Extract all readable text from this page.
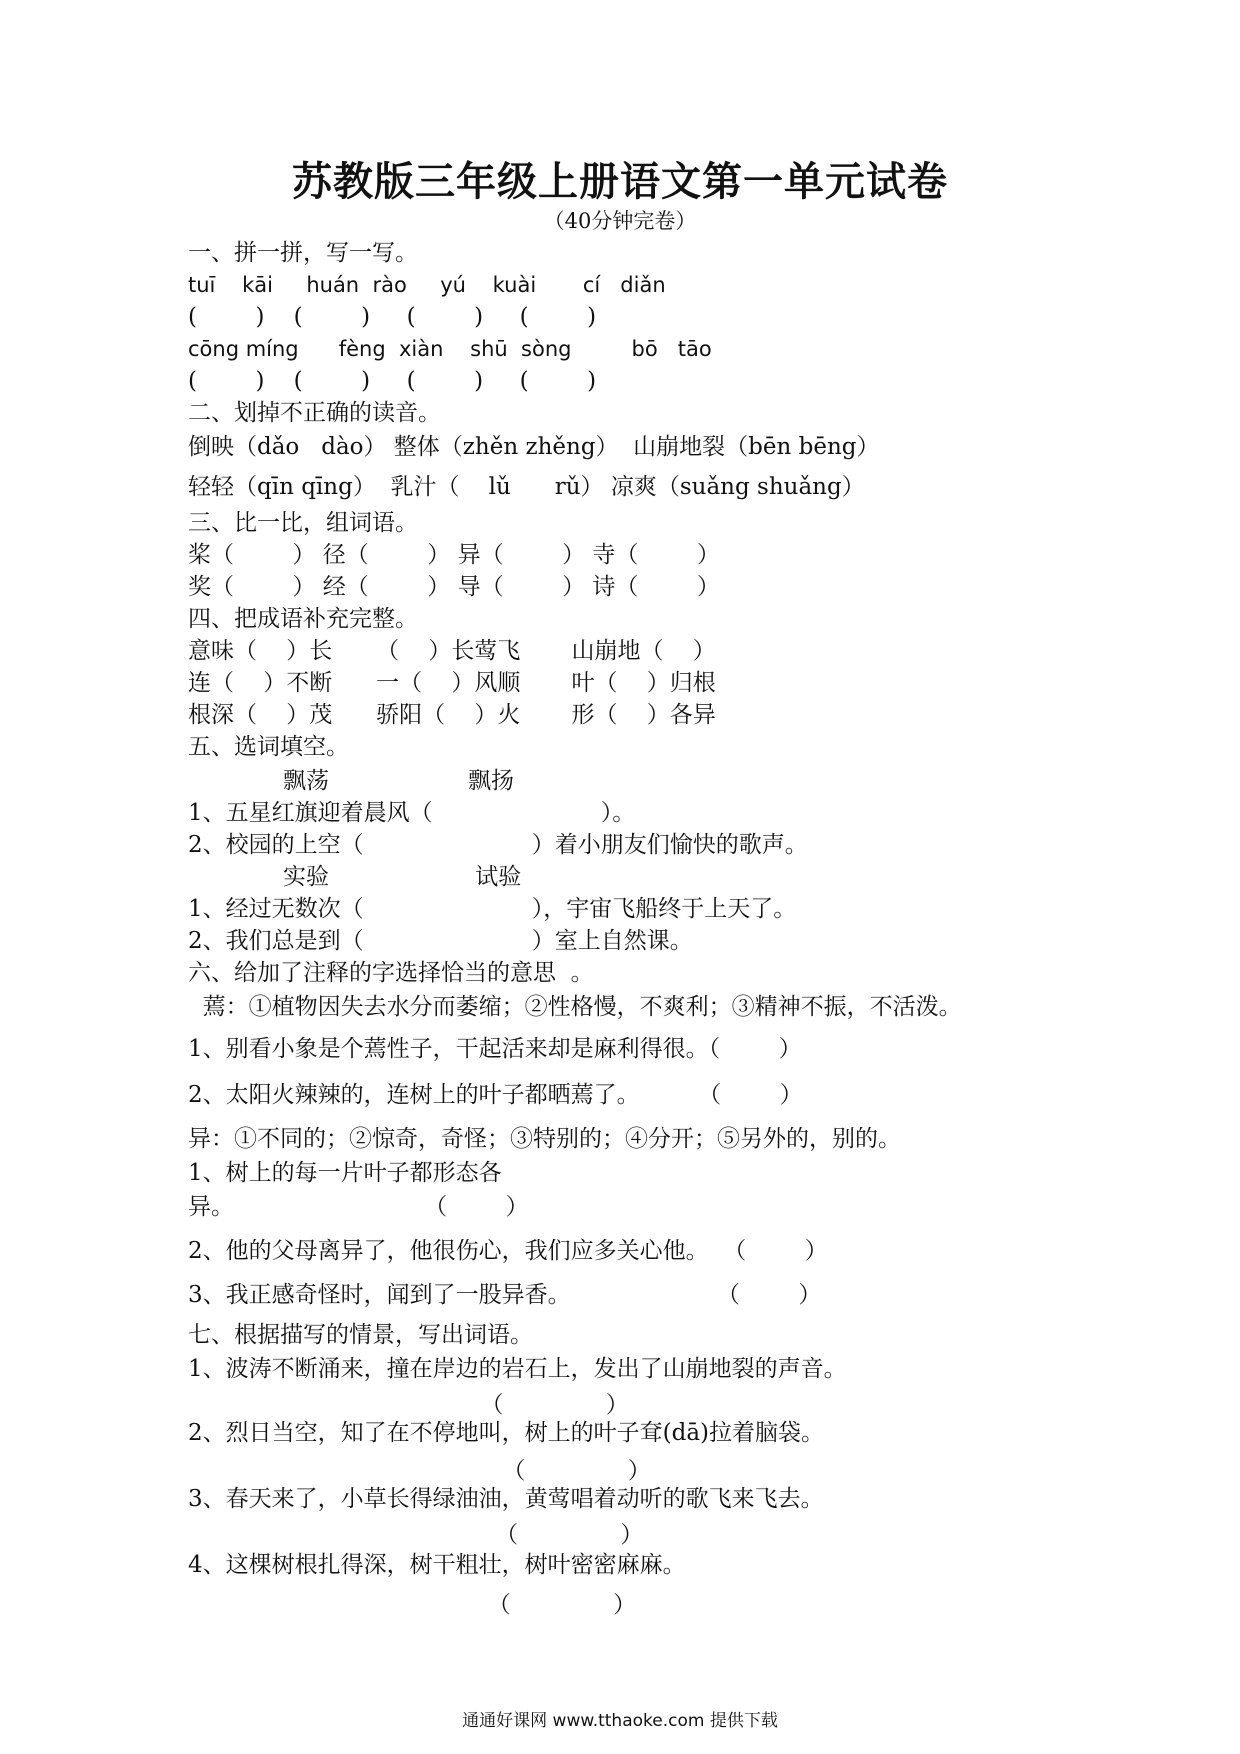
苏教版三年级上册语文第一单元试卷
（40分钟完卷）
一、拼一拼，写一写。
tuī    kāi     huán  rào     yú    kuài       cí   diǎn
(        )    (        )     (        )     (        )
cōng míng      fèng  xiàn    shū  sòng         bō   tāo
(        )    (        )     (        )     (        )
二、划掉不正确的读音。
倒映（dǎo   dào） 整体（zhěn zhěng）  山崩地裂（bēn bēng）
轻轻（qīn qīng）  乳汁（    lǔ      rǔ） 凉爽（suǎng shuǎng）
三、比一比，组词语。
桨（        ） 径（        ） 异（        ） 寺（        ）
奖（        ） 经（        ） 导（        ） 诗（        ）
四、把成语补充完整。
意味（    ）长      （    ）长莺飞       山崩地（    ）
连（    ）不断      一（    ）风顺       叶（    ）归根
根深（    ）茂      骄阳（    ）火       形（    ）各异
五、选词填空。
飘荡                   飘扬
1、五星红旗迎着晨风（                       ）。
2、校园的上空（                       ）着小朋友们愉快的歌声。
实验                    试验
1、经过无数次（                       ），宇宙飞船终于上天了。
2、我们总是到（                       ）室上自然课。
六、给加了注释的字选择恰当的意思  。
蔫：①植物因失去水分而萎缩；②性格慢，不爽利；③精神不振，不活泼。
1、别看小象是个蔫性子，干起活来却是麻利得很。（        ）
2、太阳火辣辣的，连树上的叶子都晒蔫了。        （        ）
异：①不同的；②惊奇，奇怪；③特别的；④分开；⑤另外的，别的。
1、树上的每一片叶子都形态各
异。                          （        ）
2、他的父母离异了，他很伤心，我们应多关心他。  （        ）
3、我正感奇怪时，闻到了一股异香。                    （        ）
七、根据描写的情景，写出词语。
1、波涛不断涌来，撞在岸边的岩石上，发出了山崩地裂的声音。
（              ）
2、烈日当空，知了在不停地叫，树上的叶子耷(dā)拉着脑袋。
（              ）
3、春天来了，小草长得绿油油，黄莺唱着动听的歌飞来飞去。
（              ）
4、这棵树根扎得深，树干粗壮，树叶密密麻麻。
（              ）
通通好课网 www.tthaoke.com 提供下载
